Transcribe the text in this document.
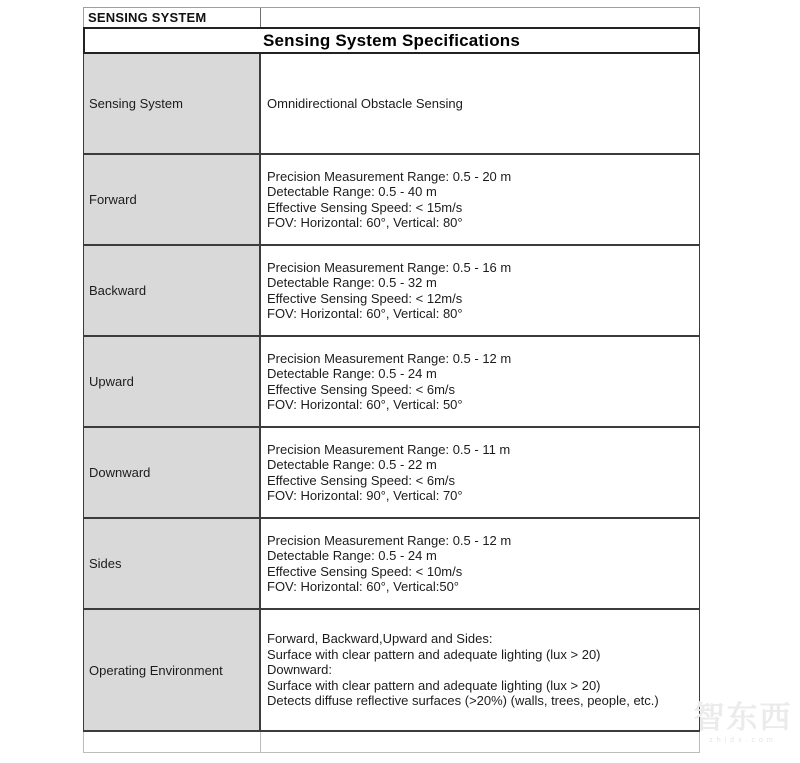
SENSING SYSTEM
Sensing System Specifications
Sensing System	Omnidirectional Obstacle Sensing
Forward
Precision Measurement Range: 0.5 - 20 m
Detectable Range: 0.5 - 40 m
Effective Sensing Speed: < 15m/s
FOV: Horizontal: 60°, Vertical: 80°
Backward
Precision Measurement Range: 0.5 - 16 m
Detectable Range: 0.5 - 32 m
Effective Sensing Speed: < 12m/s
FOV: Horizontal: 60°, Vertical: 80°
Upward
Precision Measurement Range: 0.5 - 12 m
Detectable Range: 0.5 - 24 m
Effective Sensing Speed: < 6m/s
FOV: Horizontal: 60°, Vertical: 50°
Downward
Precision Measurement Range: 0.5 - 11 m
Detectable Range: 0.5 - 22 m
Effective Sensing Speed: < 6m/s
FOV: Horizontal: 90°, Vertical: 70°
Sides
Precision Measurement Range: 0.5 - 12 m
Detectable Range: 0.5 - 24 m
Effective Sensing Speed: < 10m/s
FOV: Horizontal: 60°, Vertical:50°
Operating Environment
Forward, Backward,Upward and Sides:
Surface with clear pattern and adequate lighting (lux > 20)
Downward:
Surface with clear pattern and adequate lighting (lux > 20)
Detects diffuse reflective surfaces (>20%) (walls, trees, people, etc.)	智东西
zhidx.com
